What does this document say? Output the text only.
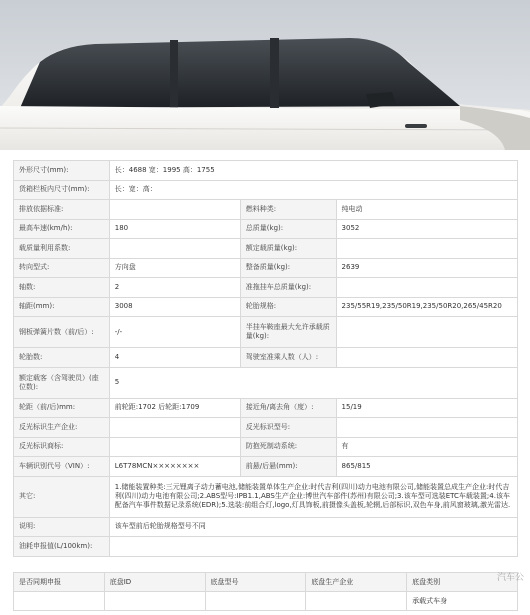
外形尺寸(mm):	长：4688 宽：1995 高：1755		
货箱栏板内尺寸(mm):	长：宽：高：		
排放依据标准:		燃料种类:	纯电动
最高车速(km/h):	180	总质量(kg):	3052
载质量利用系数:		额定载质量(kg):	
转向型式:	方向盘	整备质量(kg):	2639
轴数:	2	准拖挂车总质量(kg):	
轴距(mm):	3008	轮胎规格:	235/55R19,235/50R19,235/50R20,265/45R20
钢板弹簧片数（前/后）:	-/-	半挂车鞍座最大允许承载质量(kg):	
轮胎数:	4	驾驶室准乘人数（人）:	
额定载客（含驾驶员）(座位数):	5		
轮距（前/后)mm:	前轮距:1702 后轮距:1709	接近角/离去角（度）:	15/19
反光标识生产企业:		反光标识型号:	
反光标识商标:		防抱死制动系统:	有
车辆识别代号（VIN）:	L6T78MCN××××××××	前悬/后悬(mm):	865/815
其它:	1.储能装置种类:三元锂离子动力蓄电池,储能装置单体生产企业:时代吉利(四川)动力电池有限公司,储能装置总成生产企业:时代吉利(四川)动力电池有限公司;2.ABS型号:IPB1.1,ABS生产企业:博世汽车部件(苏州)有限公司;3.该车型可选装ETC车载装置;4.该车配备汽车事件数据记录系统(EDR);5.选装:前组合灯,logo,灯具饰板,前摄像头盖板,轮辋,后部标识,双色车身,前风窗玻璃,激光雷达.		
说明:	该车型前后轮胎规格型号不同		
油耗申报值(L/100km):			
是否同期申报	底盘ID	底盘型号	底盘生产企业	底盘类别
				承载式车身
汽车公
